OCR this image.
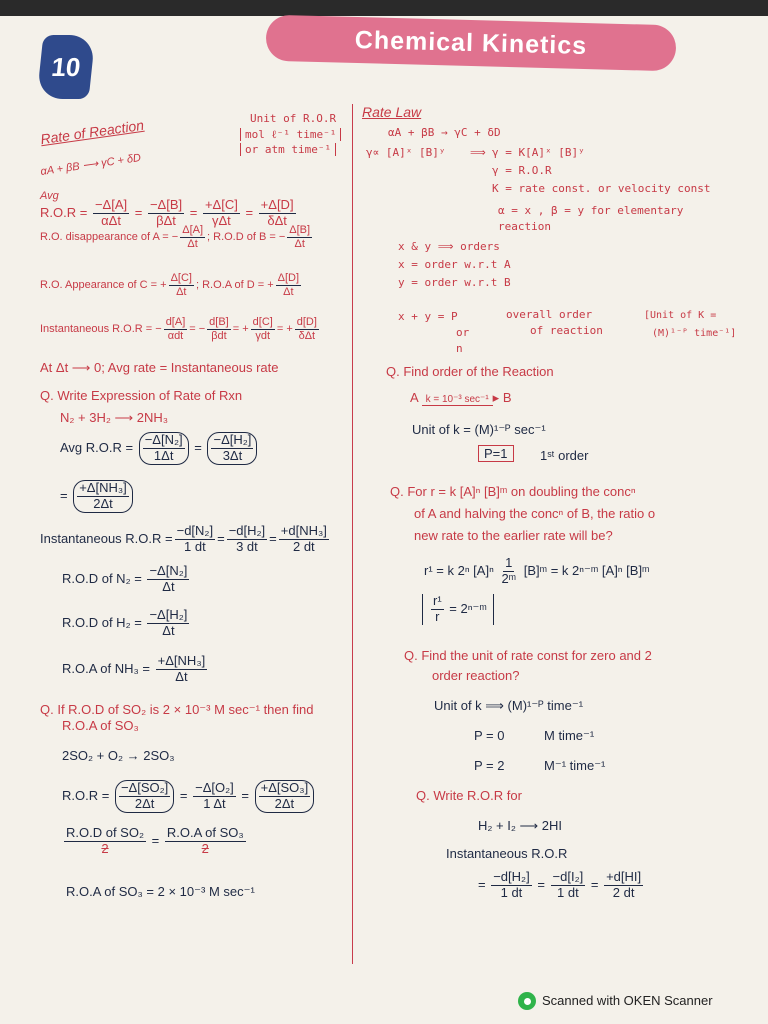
10
Chemical Kinetics
Rate of Reaction
αA + βB ⟶ γC + δD
Unit of R.O.R
mol ℓ⁻¹ time⁻¹
or atm time⁻¹
Avg
$R.O.R = \frac{-\Delta[A]}{\text{αΔt}} = \frac{-\Delta[B]}{\text{βΔt}} = \frac{+\Delta[C]}{\text{γΔt}} = \frac{+\Delta[D]}{\text{δΔt}}$
R.O. disappearance of A = − $\frac{\Delta[A]}{\Delta t}$ ; R.O.D of B = − $\frac{\Delta[B]}{\Delta t}$
R.O. Appearance of C = + $\frac{\Delta[C]}{\Delta t}$ ; R.O.A of D = + $\frac{\Delta[D]}{\Delta t}$
Instantaneous R.O.R = − $\frac{d[A]}{\text{αdt}}$ = − $\frac{d[B]}{\text{βdt}}$ = + $\frac{d[C]}{\text{γdt}}$ = + $\frac{d[D]}{\text{δΔt}}$
At Δt ⟶ 0; Avg rate = Instantaneous rate
Q. Write Expression of Rate of Rxn
N₂ + 3H₂ ⟶ 2NH₃
Avg $R.O.R = \frac{\text{−Δ[N₂]}}{1\Delta t} = \frac{\text{−Δ[H₂]}}{3\Delta t}$
= $\frac{\text{+Δ[NH₃]}}{2\Delta t}$
Instantaneous $R.O.R = \frac{\text{−d[N₂]}}{1 dt} = \frac{\text{−d[H₂]}}{3 dt} = \frac{\text{+d[NH₃]}}{2 dt}$
R.O.D of $N_2 = \frac{\text{−Δ[N₂]}}{\Delta t}$
R.O.D of $H_2 = \frac{\text{−Δ[H₂]}}{\Delta t}$
R.O.A of $NH_3 = \frac{\text{+Δ[NH₃]}}{\Delta t}$
Q. If R.O.D of SO₂ is 2 × 10⁻³ M sec⁻¹ then find
R.O.A of SO₃
2SO₂ + O₂ → 2SO₃
$R.O.R = \frac{\text{−Δ[SO₂]}}{2\Delta t} = \frac{\text{−Δ[O₂]}}{1 \Delta t} = \frac{\text{+Δ[SO₃]}}{2\Delta t}$
$\frac{\text{R.O.D of SO₂}}{2} = \frac{\text{R.O.A of SO₃}}{2}$
R.O.A of SO₃ = 2 × 10⁻³ M sec⁻¹
Rate Law
αA + βB → γC + δD
γ∝ [A]ˣ [B]ʸ ⟹ γ = K[A]ˣ [B]ʸ
γ = R.O.R
K = rate const. or velocity const
α = x , β = y for elementary
reaction
x & y ⟹ orders
x = order w.r.t A
y = order w.r.t B
x + y = P
or
n
overall order
of reaction
[Unit of K =
(M)¹⁻ᴾ time⁻¹]
Q. Find order of the Reaction
A k = 10⁻³ sec⁻¹ ▸ B
Unit of k = (M)¹⁻ᴾ sec⁻¹
P=1	1ˢᵗ order
Q. For r = k [A]ⁿ [B]ᵐ on doubling the concⁿ
of A and halving the concⁿ of B, the ratio o
new rate to the earlier rate will be?
r¹ = k 2ⁿ $[A]^n \frac{1}{\text{2ᵐ}}$ [B]ᵐ = k 2ⁿ⁻ᵐ [A]ⁿ [B]ᵐ
$\frac{\text{r¹}}{r}$ = 2ⁿ⁻ᵐ
Q. Find the unit of rate const for zero and 2
order reaction?
Unit of k ⟹ (M)¹⁻ᴾ time⁻¹
P = 0	M time⁻¹
P = 2	M⁻¹ time⁻¹
Q. Write R.O.R for
H₂ + I₂ ⟶ 2HI
Instantaneous R.O.R
= $\frac{\text{−d[H₂]}}{1 dt} = \frac{\text{−d[I₂]}}{1 dt} = \frac{+d[HI]}{2 dt}$
Scanned with OKEN Scanner
